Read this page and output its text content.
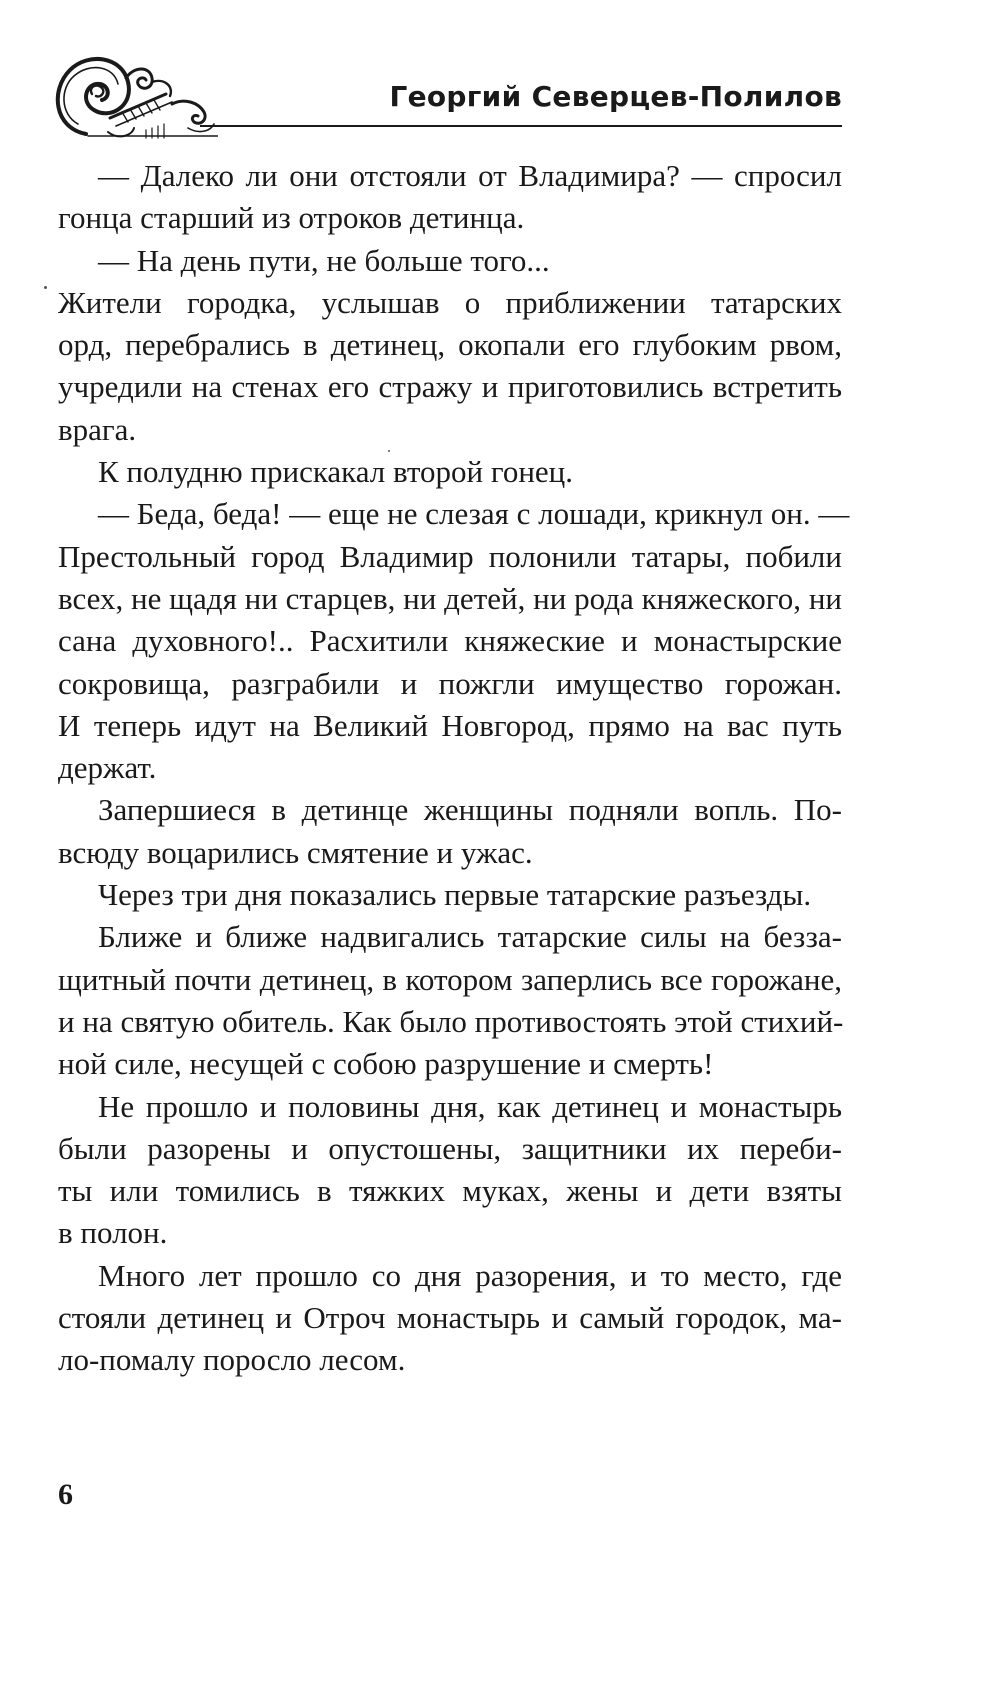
Георгий Северцев-Полилов
— Далеко ли они отстояли от Владимира? — спросил
гонца старший из отроков детинца.
— На день пути, не больше того...
Жители городка, услышав о приближении татарских
орд, перебрались в детинец, окопали его глубоким рвом,
учредили на стенах его стражу и приготовились встретить
врага.
К полудню прискакал второй гонец.
— Беда, беда! — еще не слезая с лошади, крикнул он. —
Престольный город Владимир полонили татары, побили
всех, не щадя ни старцев, ни детей, ни рода княжеского, ни
сана духовного!.. Расхитили княжеские и монастырские
сокровища, разграбили и пожгли имущество горожан.
И теперь идут на Великий Новгород, прямо на вас путь
держат.
Запершиеся в детинце женщины подняли вопль. По-
всюду воцарились смятение и ужас.
Через три дня показались первые татарские разъезды.
Ближе и ближе надвигались татарские силы на безза-
щитный почти детинец, в котором заперлись все горожане,
и на святую обитель. Как было противостоять этой стихий-
ной силе, несущей с собою разрушение и смерть!
Не прошло и половины дня, как детинец и монастырь
были разорены и опустошены, защитники их переби-
ты или томились в тяжких муках, жены и дети взяты
в полон.
Много лет прошло со дня разорения, и то место, где
стояли детинец и Отроч монастырь и самый городок, ма-
ло-помалу поросло лесом.
6
